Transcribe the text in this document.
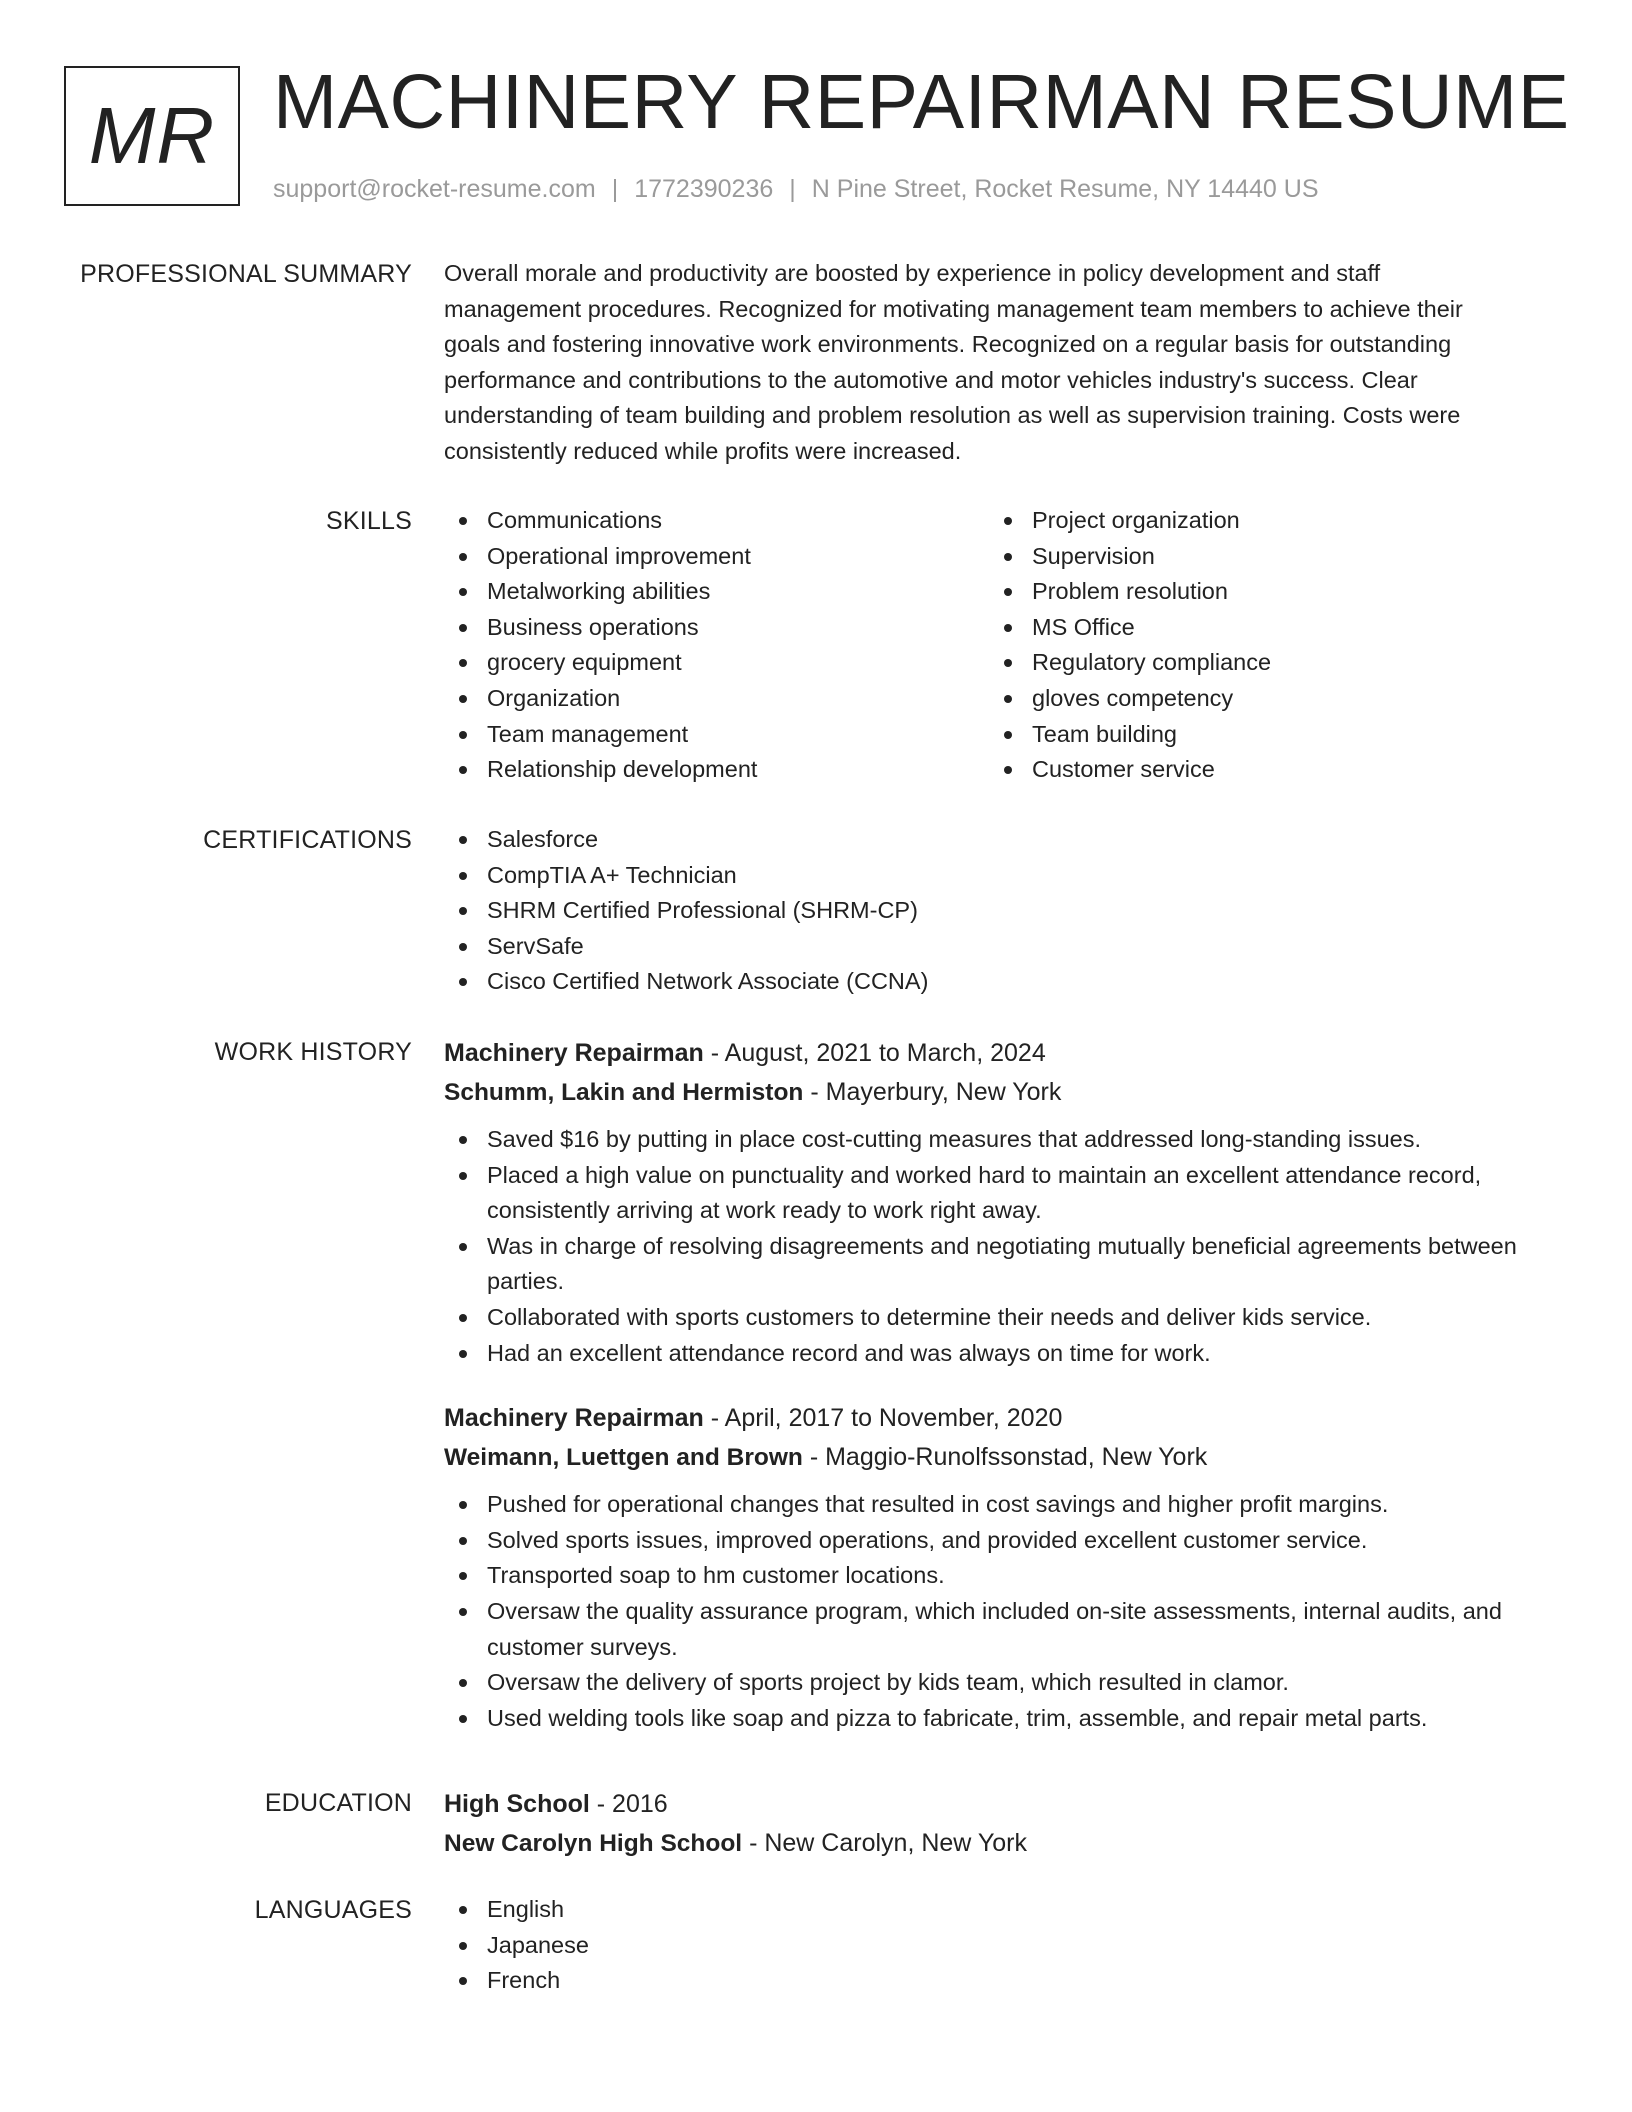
MR MACHINERY REPAIRMAN RESUME
support@rocket-resume.com | 1772390236 | N Pine Street, Rocket Resume, NY 14440 US
PROFESSIONAL SUMMARY Overall morale and productivity are boosted by experience in policy development and staff

management procedures. Recognized for motivating management team members to achieve their

goals and fostering innovative work environments. Recognized on a regular basis for outstanding

performance and contributions to the automotive and motor vehicles industry's success. Clear

understanding of team building and problem resolution as well as supervision training. Costs were

consistently reduced while profits were increased.

SKILLS	Communications
Operational improvement
Metalworking abilities
Business operations
grocery equipment
Organization
Team management
Relationship development
Project organization
Supervision
Problem resolution
MS Office
Regulatory compliance
gloves competency
Team building
Customer service
CERTIFICATIONS	Salesforce
CompTIA A+ Technician
SHRM Certified Professional (SHRM-CP)
ServSafe
Cisco Certified Network Associate (CCNA)
WORK HISTORY Machinery Repairman - August, 2021 to March, 2024
Schumm, Lakin and Hermiston - Mayerbury, New York
Saved $16 by putting in place cost-cutting measures that addressed long-standing issues.
Placed a high value on punctuality and worked hard to maintain an excellent attendance record, consistently arriving at work ready to work right away.
Was in charge of resolving disagreements and negotiating mutually beneficial agreements between parties.
Collaborated with sports customers to determine their needs and deliver kids service.
Had an excellent attendance record and was always on time for work.
Machinery Repairman - April, 2017 to November, 2020
Weimann, Luettgen and Brown - Maggio-Runolfssonstad, New York
Pushed for operational changes that resulted in cost savings and higher profit margins.
Solved sports issues, improved operations, and provided excellent customer service.
Transported soap to hm customer locations.
Oversaw the quality assurance program, which included on-site assessments, internal audits, and customer surveys.
Oversaw the delivery of sports project by kids team, which resulted in clamor.
Used welding tools like soap and pizza to fabricate, trim, assemble, and repair metal parts.
EDUCATION High School - 2016
New Carolyn High School - New Carolyn, New York
LANGUAGES	English
Japanese
French
